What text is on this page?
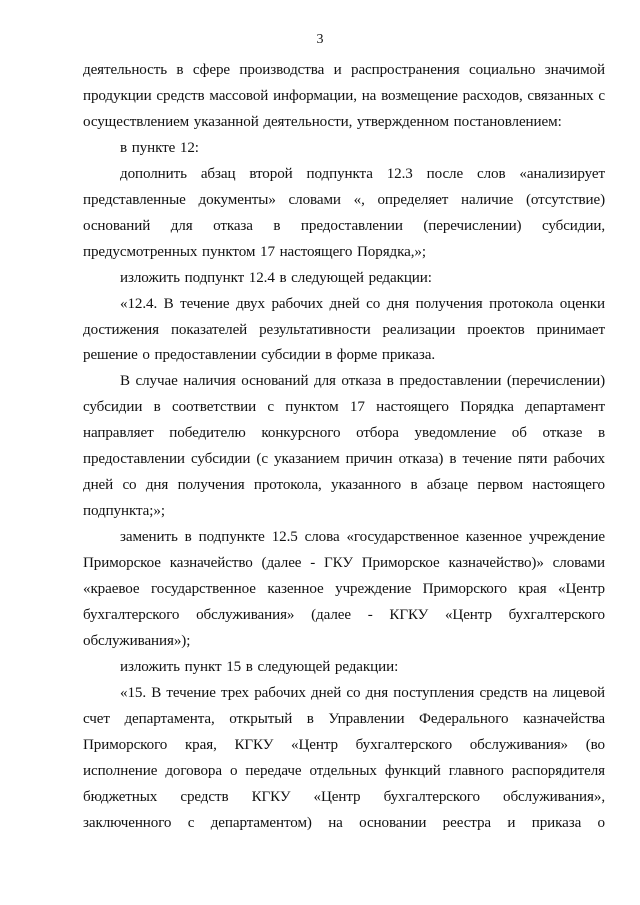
3

деятельность в сфере производства и распространения социально значимой продукции средств массовой информации, на возмещение расходов, связанных с осуществлением указанной деятельности, утвержденном постановлением:

в пункте 12:

дополнить абзац второй подпункта 12.3 после слов «анализирует представленные документы» словами «, определяет наличие (отсутствие) оснований для отказа в предоставлении (перечислении) субсидии, предусмотренных пунктом 17 настоящего Порядка,»;

изложить подпункт 12.4 в следующей редакции:

«12.4. В течение двух рабочих дней со дня получения протокола оценки достижения показателей результативности реализации проектов принимает решение о предоставлении субсидии в форме приказа.

В случае наличия оснований для отказа в предоставлении (перечислении) субсидии в соответствии с пунктом 17 настоящего Порядка департамент направляет победителю конкурсного отбора уведомление об отказе в предоставлении субсидии (с указанием причин отказа) в течение пяти рабочих дней со дня получения протокола, указанного в абзаце первом настоящего подпункта;»;

заменить в подпункте 12.5 слова «государственное казенное учреждение Приморское казначейство (далее - ГКУ Приморское казначейство)» словами «краевое государственное казенное учреждение Приморского края «Центр бухгалтерского обслуживания» (далее - КГКУ «Центр бухгалтерского обслуживания»);

изложить пункт 15 в следующей редакции:

«15. В течение трех рабочих дней со дня поступления средств на лицевой счет департамента, открытый в Управлении Федерального казначейства Приморского края, КГКУ «Центр бухгалтерского обслуживания» (во исполнение договора о передаче отдельных функций главного распорядителя бюджетных средств КГКУ «Центр бухгалтерского обслуживания», заключенного с департаментом) на основании реестра и приказа о
